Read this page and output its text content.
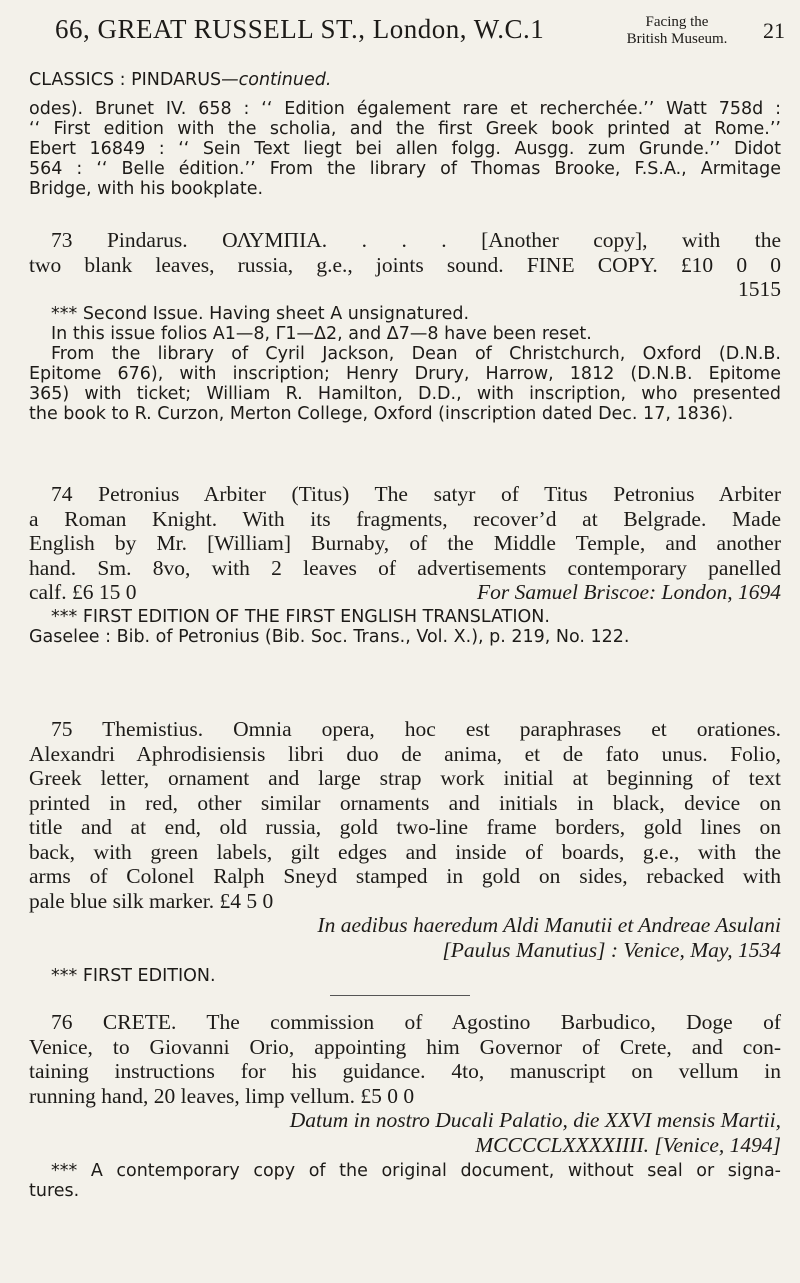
66, GREAT RUSSELL ST., London, W.C.1	Facing the
British Museum.	21
CLASSICS : PINDARUS—continued.
odes). Brunet IV. 658 : ‘‘ Edition également rare et recherchée.’’ Watt 758d :
‘‘ First edition with the scholia, and the first Greek book printed at Rome.’’
Ebert 16849 : ‘‘ Sein Text liegt bei allen folgg. Ausgg. zum Grunde.’’ Didot
564 : ‘‘ Belle édition.’’ From the library of Thomas Brooke, F.S.A., Armitage
Bridge, with his bookplate.
73 Pindarus. ΟΛΥΜΠΙΑ. . . . [Another copy], with the
two blank leaves, russia, g.e., joints sound. FINE COPY. £10 0 0
1515
*** Second Issue. Having sheet A unsignatured.
In this issue folios A1—8, Γ1—Δ2, and Δ7—8 have been reset.
From the library of Cyril Jackson, Dean of Christchurch, Oxford (D.N.B.
Epitome 676), with inscription; Henry Drury, Harrow, 1812 (D.N.B. Epitome
365) with ticket; William R. Hamilton, D.D., with inscription, who presented
the book to R. Curzon, Merton College, Oxford (inscription dated Dec. 17, 1836).
74 Petronius Arbiter (Titus) The satyr of Titus Petronius Arbiter
a Roman Knight. With its fragments, recover’d at Belgrade. Made
English by Mr. [William] Burnaby, of the Middle Temple, and another
hand. Sm. 8vo, with 2 leaves of advertisements contemporary panelled
calf. £6 15 0	For Samuel Briscoe: London, 1694
*** FIRST EDITION OF THE FIRST ENGLISH TRANSLATION.
Gaselee : Bib. of Petronius (Bib. Soc. Trans., Vol. X.), p. 219, No. 122.
75 Themistius. Omnia opera, hoc est paraphrases et orationes.
Alexandri Aphrodisiensis libri duo de anima, et de fato unus. Folio,
Greek letter, ornament and large strap work initial at beginning of text
printed in red, other similar ornaments and initials in black, device on
title and at end, old russia, gold two-line frame borders, gold lines on
back, with green labels, gilt edges and inside of boards, g.e., with the
arms of Colonel Ralph Sneyd stamped in gold on sides, rebacked with
pale blue silk marker. £4 5 0
In aedibus haeredum Aldi Manutii et Andreae Asulani
[Paulus Manutius] : Venice, May, 1534
*** FIRST EDITION.
76 CRETE. The commission of Agostino Barbudico, Doge of
Venice, to Giovanni Orio, appointing him Governor of Crete, and con-
taining instructions for his guidance. 4to, manuscript on vellum in
running hand, 20 leaves, limp vellum. £5 0 0
Datum in nostro Ducali Palatio, die XXVI mensis Martii,
MCCCCLXXXXIIII. [Venice, 1494]
*** A contemporary copy of the original document, without seal or signa-
tures.
